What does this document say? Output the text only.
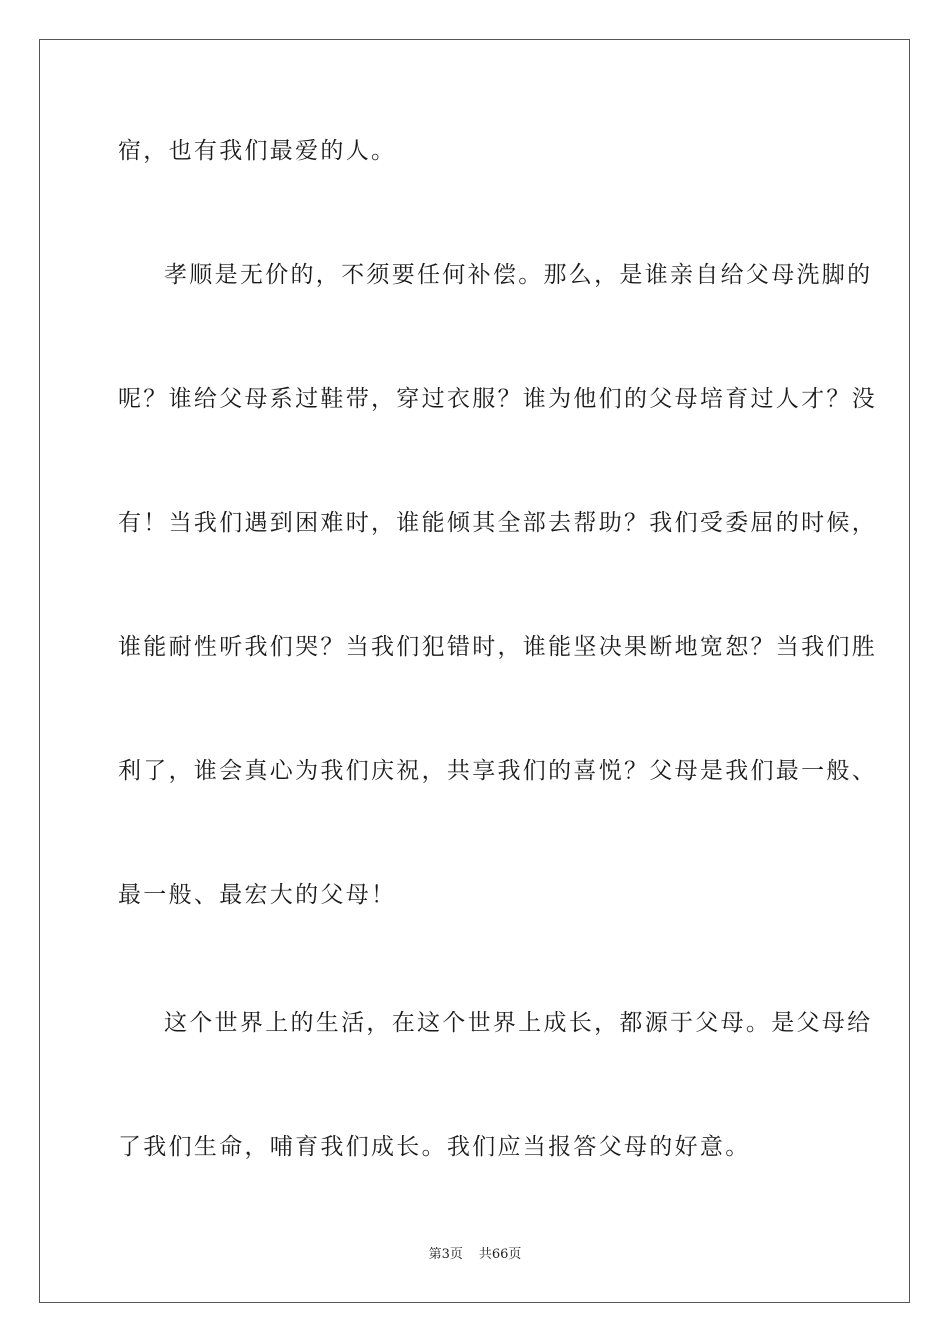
宿，也有我们最爱的人。
孝顺是无价的，不须要任何补偿。那么，是谁亲自给父母洗脚的
呢？谁给父母系过鞋带，穿过衣服？谁为他们的父母培育过人才？没
有！当我们遇到困难时，谁能倾其全部去帮助？我们受委屈的时候，
谁能耐性听我们哭？当我们犯错时，谁能坚决果断地宽恕？当我们胜
利了，谁会真心为我们庆祝，共享我们的喜悦？父母是我们最一般、
最一般、最宏大的父母！
这个世界上的生活，在这个世界上成长，都源于父母。是父母给
了我们生命，哺育我们成长。我们应当报答父母的好意。
第3页 共66页
